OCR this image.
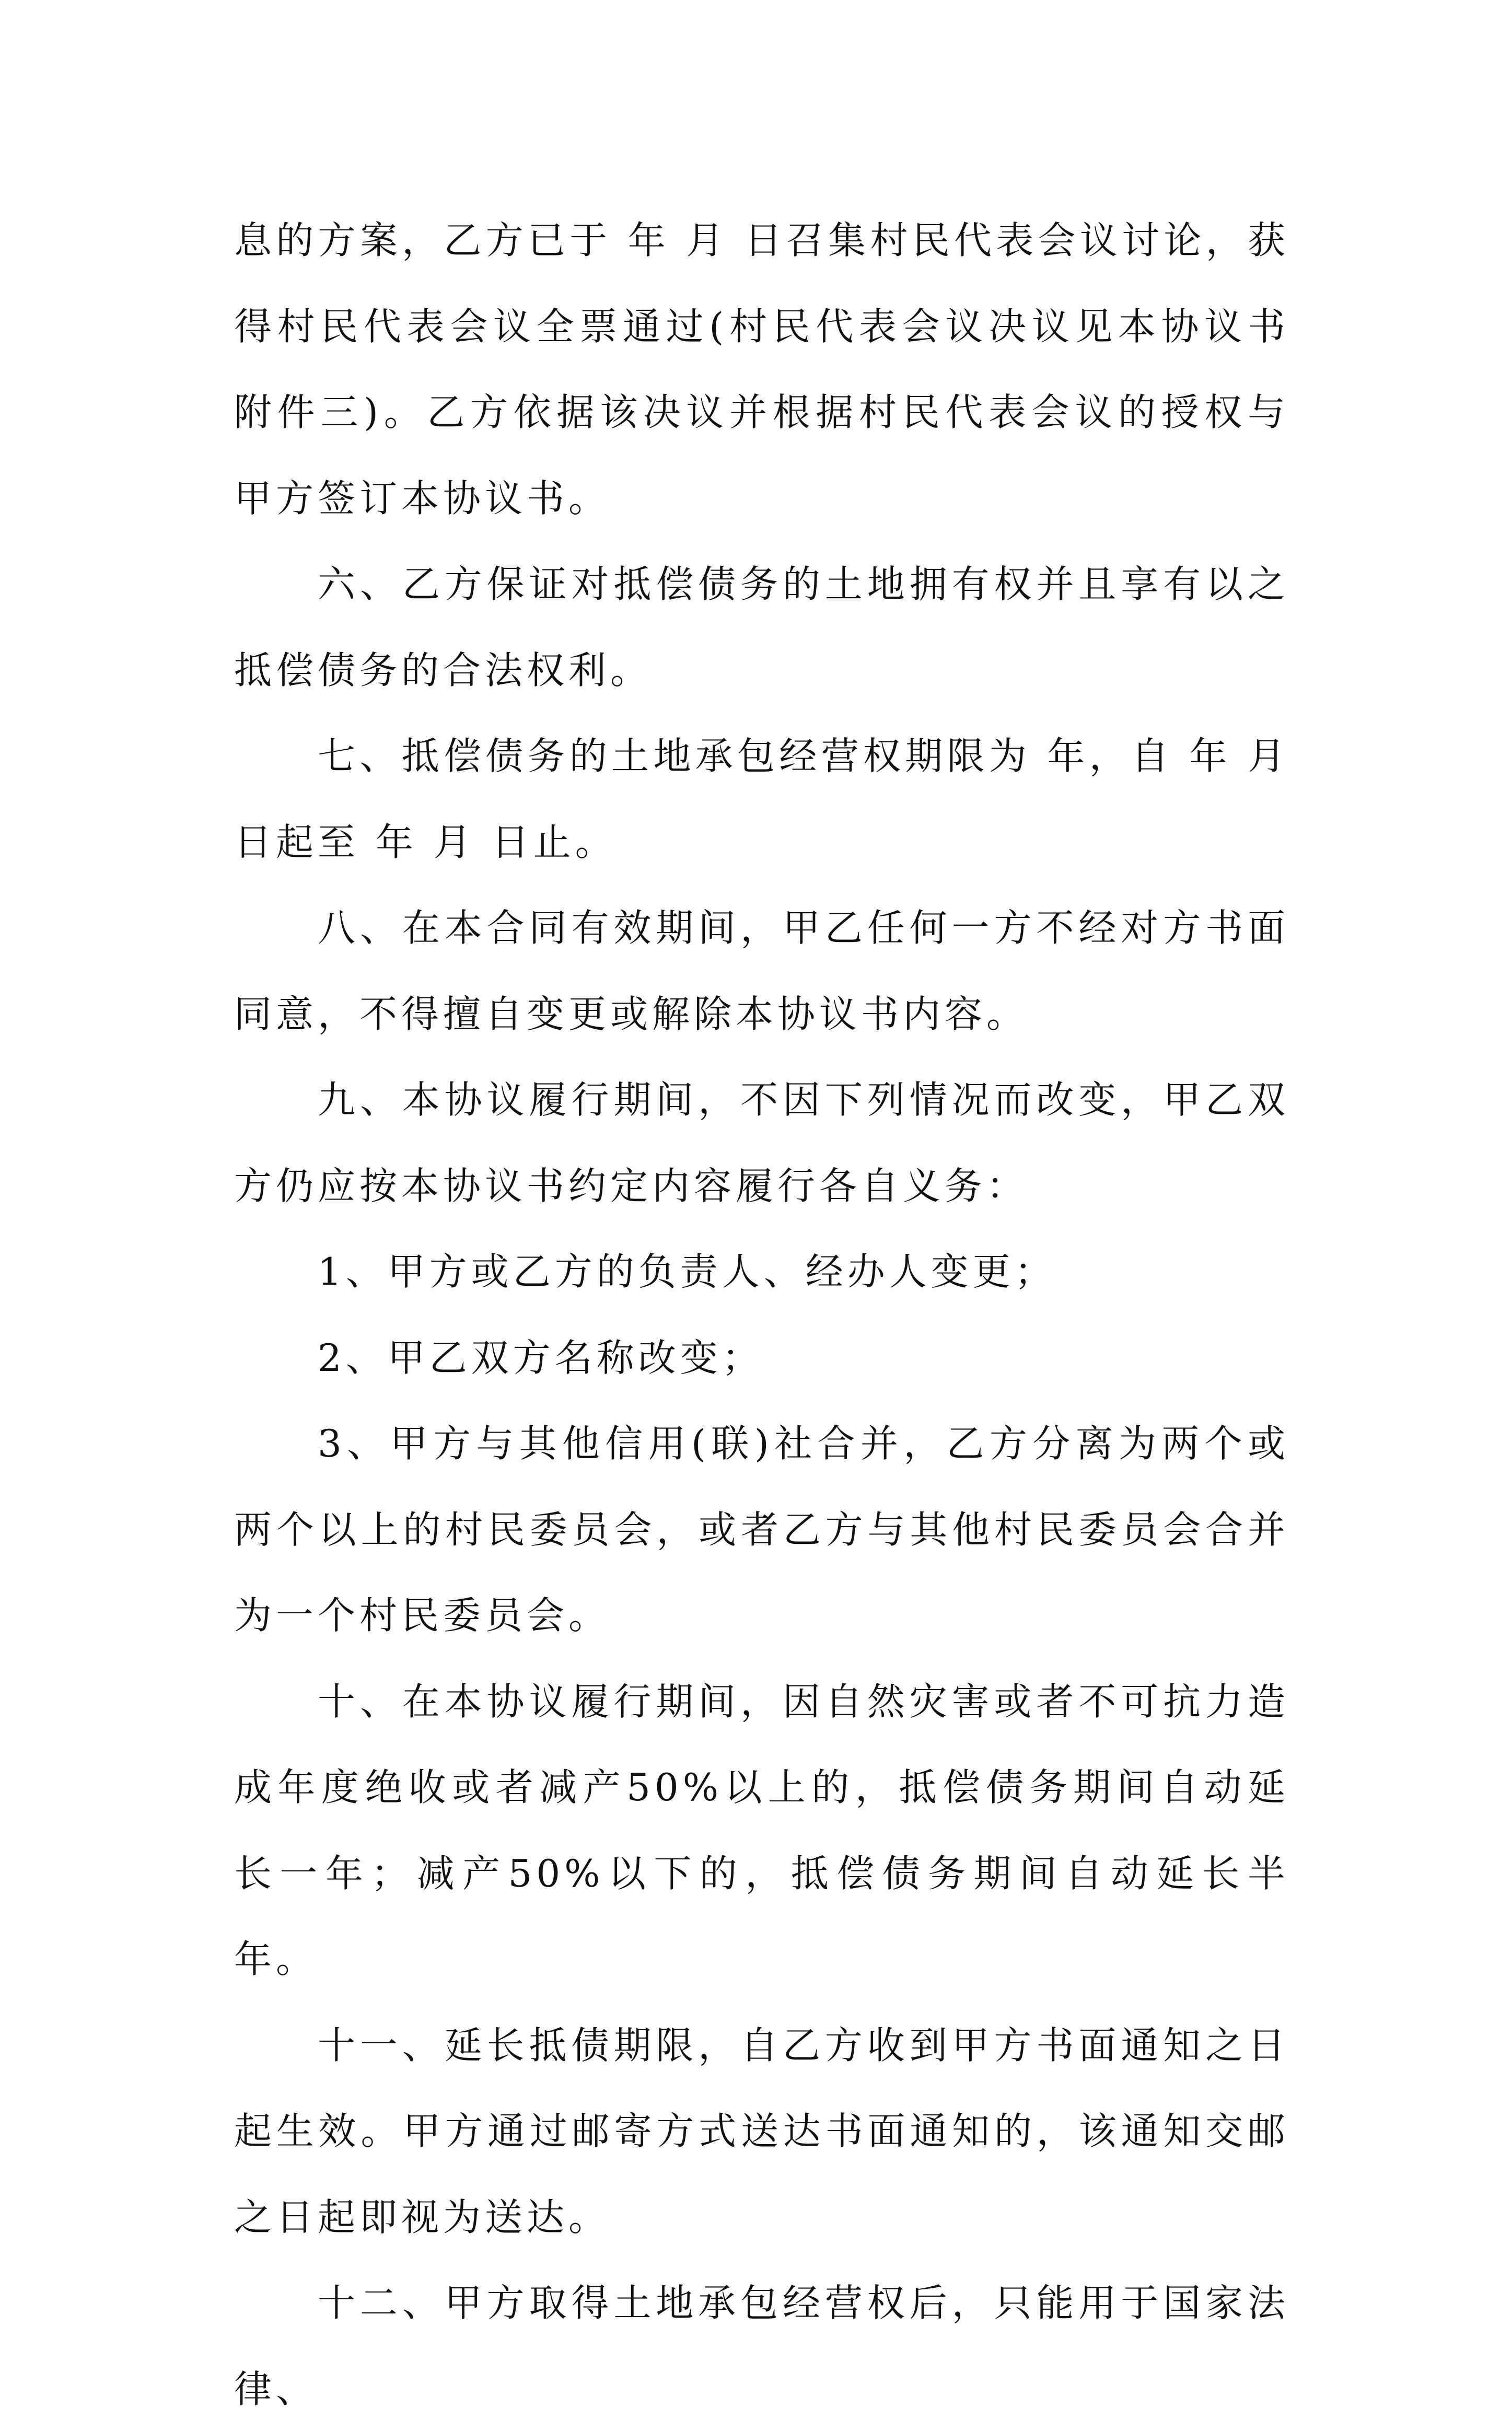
息的方案，乙方已于 年 月 日召集村民代表会议讨论，获得村民代表会议全票通过(村民代表会议决议见本协议书附件三)。乙方依据该决议并根据村民代表会议的授权与甲方签订本协议书。

六、乙方保证对抵偿债务的土地拥有权并且享有以之抵偿债务的合法权利。

七、抵偿债务的土地承包经营权期限为 年，自 年 月日起至 年 月 日止。

八、在本合同有效期间，甲乙任何一方不经对方书面同意，不得擅自变更或解除本协议书内容。

九、本协议履行期间，不因下列情况而改变，甲乙双方仍应按本协议书约定内容履行各自义务：

1、甲方或乙方的负责人、经办人变更；

2、甲乙双方名称改变；

3、甲方与其他信用(联)社合并，乙方分离为两个或两个以上的村民委员会，或者乙方与其他村民委员会合并为一个村民委员会。

十、在本协议履行期间，因自然灾害或者不可抗力造成年度绝收或者减产50%以上的，抵偿债务期间自动延长一年；减产50%以下的，抵偿债务期间自动延长半年。

十一、延长抵债期限，自乙方收到甲方书面通知之日起生效。甲方通过邮寄方式送达书面通知的，该通知交邮之日起即视为送达。

十二、甲方取得土地承包经营权后，只能用于国家法律、
